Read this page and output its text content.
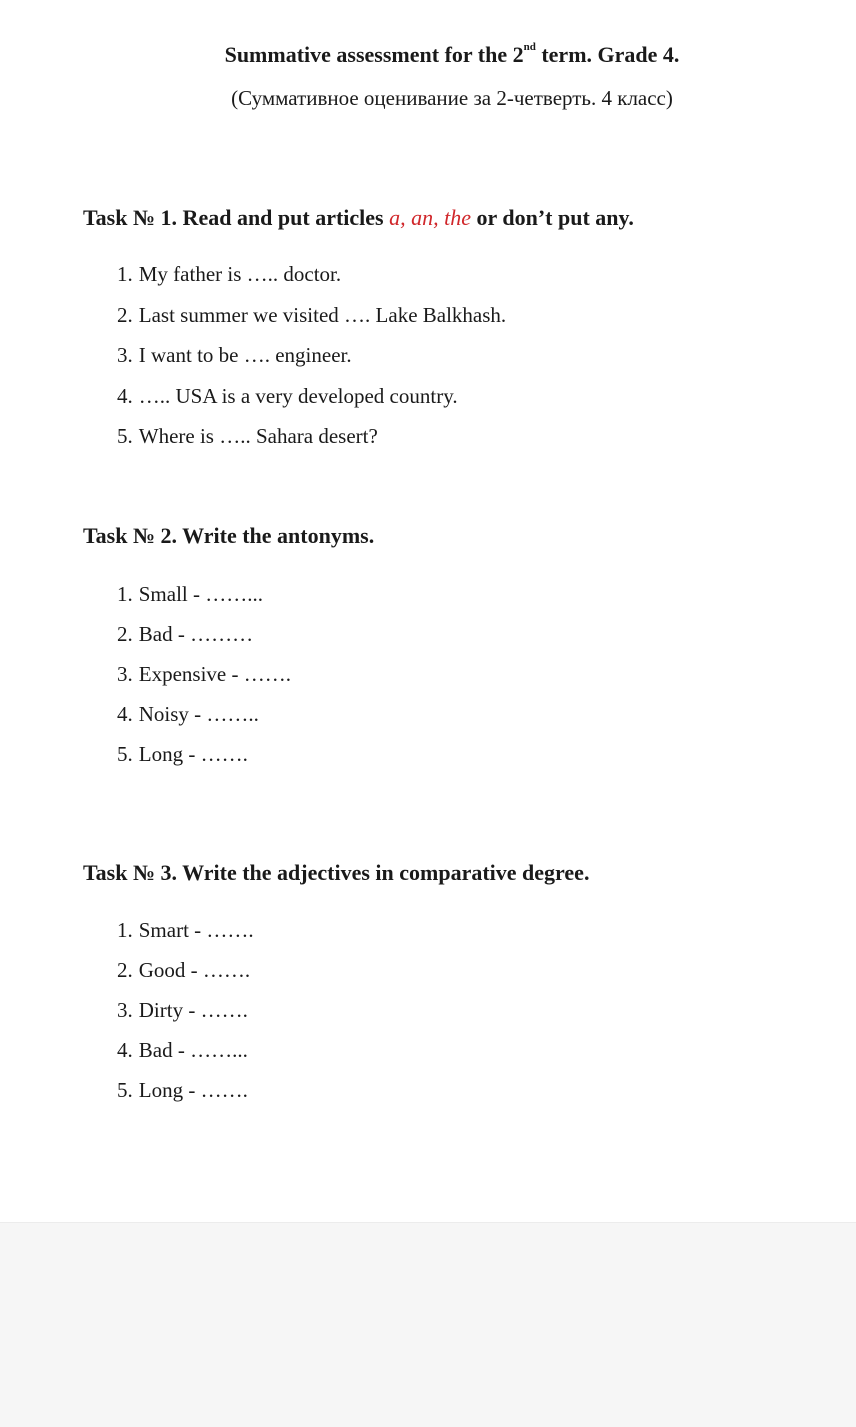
Summative assessment for the 2nd term. Grade 4.
(Суммативное оценивание за 2-четверть. 4 класс)
Task № 1. Read and put articles a, an, the or don’t put any.
1. My father is ….. doctor.
2. Last summer we visited …. Lake Balkhash.
3. I want to be …. engineer.
4. ….. USA is a very developed country.
5. Where is ….. Sahara desert?
Task № 2. Write the antonyms.
1. Small - ……...
2. Bad - ………
3. Expensive - …….
4. Noisy - ……..
5. Long - …….
Task № 3. Write the adjectives in comparative degree.
1. Smart - …….
2. Good - …….
3. Dirty - …….
4. Bad - ……...
5. Long - …….
